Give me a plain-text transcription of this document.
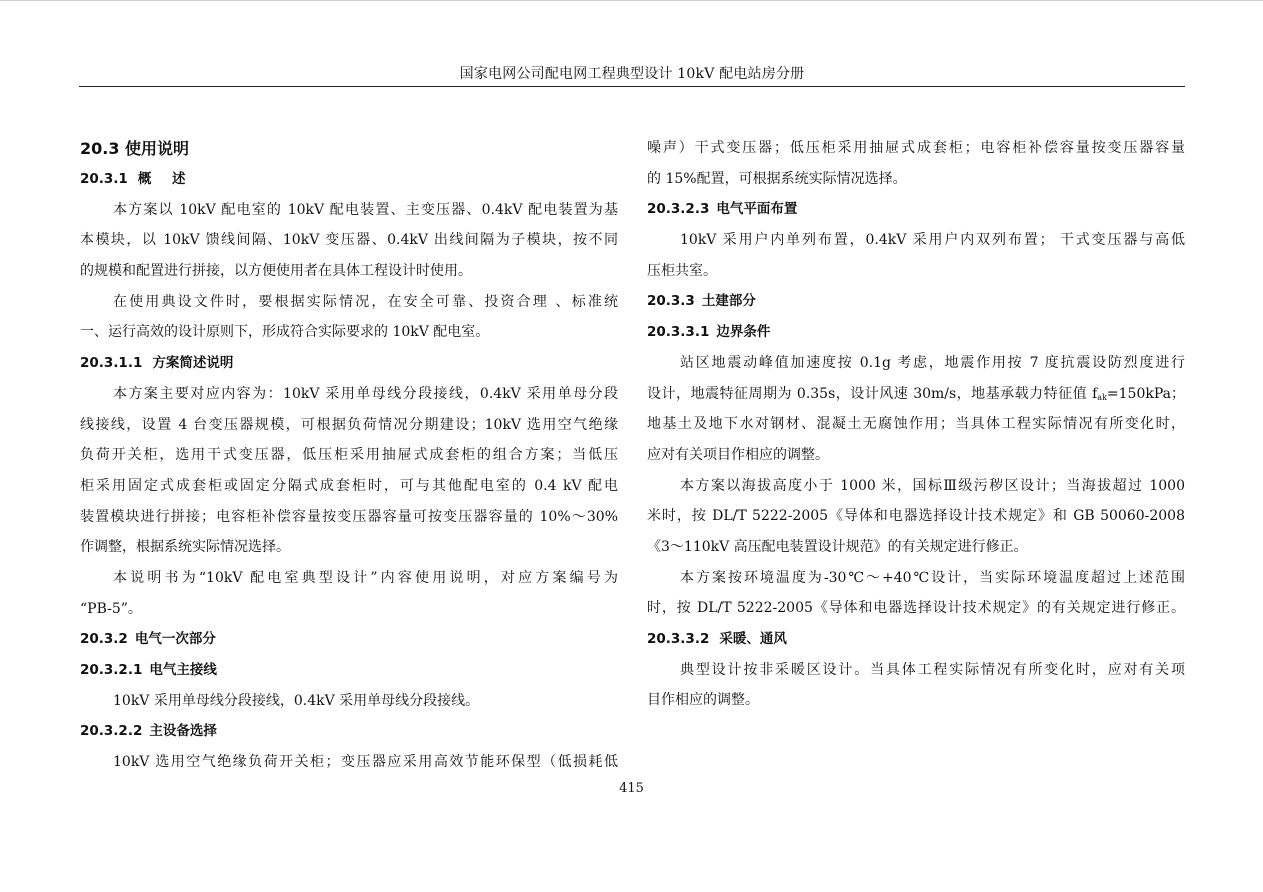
国家电网公司配电网工程典型设计 10kV 配电站房分册
20.3 使用说明
20.3.1 概 述
本方案以 10kV 配电室的 10kV 配电装置、主变压器、0.4kV 配电装置为基
本模块，以 10kV 馈线间隔、10kV 变压器、0.4kV 出线间隔为子模块，按不同
的规模和配置进行拼接，以方便使用者在具体工程设计时使用。
在使用典设文件时，要根据实际情况，在安全可靠、投资合理 、标准统
一、运行高效的设计原则下，形成符合实际要求的 10kV 配电室。
20.3.1.1 方案简述说明
本方案主要对应内容为：10kV 采用单母线分段接线，0.4kV 采用单母分段
线接线，设置 4 台变压器规模，可根据负荷情况分期建设；10kV 选用空气绝缘
负荷开关柜，选用干式变压器，低压柜采用抽屉式成套柜的组合方案；当低压
柜采用固定式成套柜或固定分隔式成套柜时，可与其他配电室的 0.4 kV 配电
装置模块进行拼接；电容柜补偿容量按变压器容量可按变压器容量的 10%～30%
作调整，根据系统实际情况选择。
本说明书为“10kV 配电室典型设计”内容使用说明，对应方案编号为
“PB-5”。
20.3.2 电气一次部分
20.3.2.1 电气主接线
10kV 采用单母线分段接线，0.4kV 采用单母线分段接线。
20.3.2.2 主设备选择
10kV 选用空气绝缘负荷开关柜；变压器应采用高效节能环保型（低损耗低
噪声）干式变压器；低压柜采用抽屉式成套柜；电容柜补偿容量按变压器容量
的 15%配置，可根据系统实际情况选择。
20.3.2.3 电气平面布置
10kV 采用户内单列布置，0.4kV 采用户内双列布置； 干式变压器与高低
压柜共室。
20.3.3 土建部分
20.3.3.1 边界条件
站区地震动峰值加速度按 0.1g 考虑，地震作用按 7 度抗震设防烈度进行
设计，地震特征周期为 0.35s，设计风速 30m/s，地基承载力特征值 $f_{ak}=150kPa$；
地基土及地下水对钢材、混凝土无腐蚀作用；当具体工程实际情况有所变化时，
应对有关项目作相应的调整。
本方案以海拔高度小于 1000 米，国标Ⅲ级污秽区设计；当海拔超过 1000
米时，按 DL/T 5222-2005《导体和电器选择设计技术规定》和 GB 50060-2008
《3～110kV 高压配电装置设计规范》的有关规定进行修正。
本方案按环境温度为-30℃～+40℃设计，当实际环境温度超过上述范围
时，按 DL/T 5222-2005《导体和电器选择设计技术规定》的有关规定进行修正。
20.3.3.2 采暖、通风
典型设计按非采暖区设计。当具体工程实际情况有所变化时，应对有关项
目作相应的调整。
415
